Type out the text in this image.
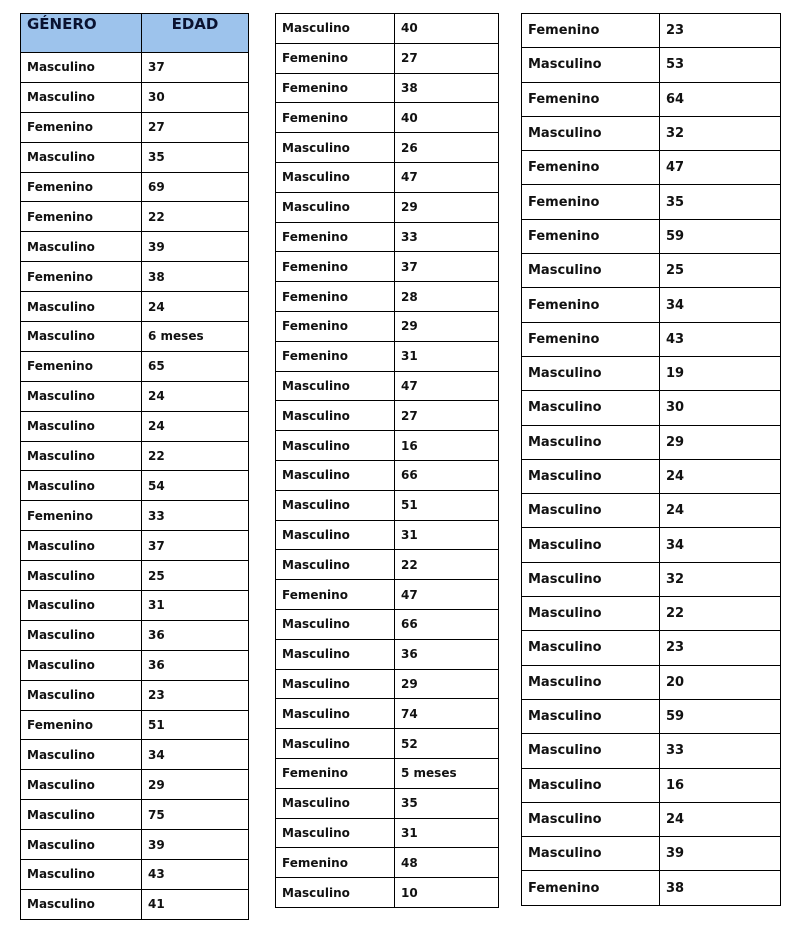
GÉNERO	EDAD
Masculino	37
Masculino	30
Femenino	27
Masculino	35
Femenino	69
Femenino	22
Masculino	39
Femenino	38
Masculino	24
Masculino	6 meses
Femenino	65
Masculino	24
Masculino	24
Masculino	22
Masculino	54
Femenino	33
Masculino	37
Masculino	25
Masculino	31
Masculino	36
Masculino	36
Masculino	23
Femenino	51
Masculino	34
Masculino	29
Masculino	75
Masculino	39
Masculino	43
Masculino	41
Masculino	40
Femenino	27
Femenino	38
Femenino	40
Masculino	26
Masculino	47
Masculino	29
Femenino	33
Femenino	37
Femenino	28
Femenino	29
Femenino	31
Masculino	47
Masculino	27
Masculino	16
Masculino	66
Masculino	51
Masculino	31
Masculino	22
Femenino	47
Masculino	66
Masculino	36
Masculino	29
Masculino	74
Masculino	52
Femenino	5 meses
Masculino	35
Masculino	31
Femenino	48
Masculino	10
Femenino	23
Masculino	53
Femenino	64
Masculino	32
Femenino	47
Femenino	35
Femenino	59
Masculino	25
Femenino	34
Femenino	43
Masculino	19
Masculino	30
Masculino	29
Masculino	24
Masculino	24
Masculino	34
Masculino	32
Masculino	22
Masculino	23
Masculino	20
Masculino	59
Masculino	33
Masculino	16
Masculino	24
Masculino	39
Femenino	38
